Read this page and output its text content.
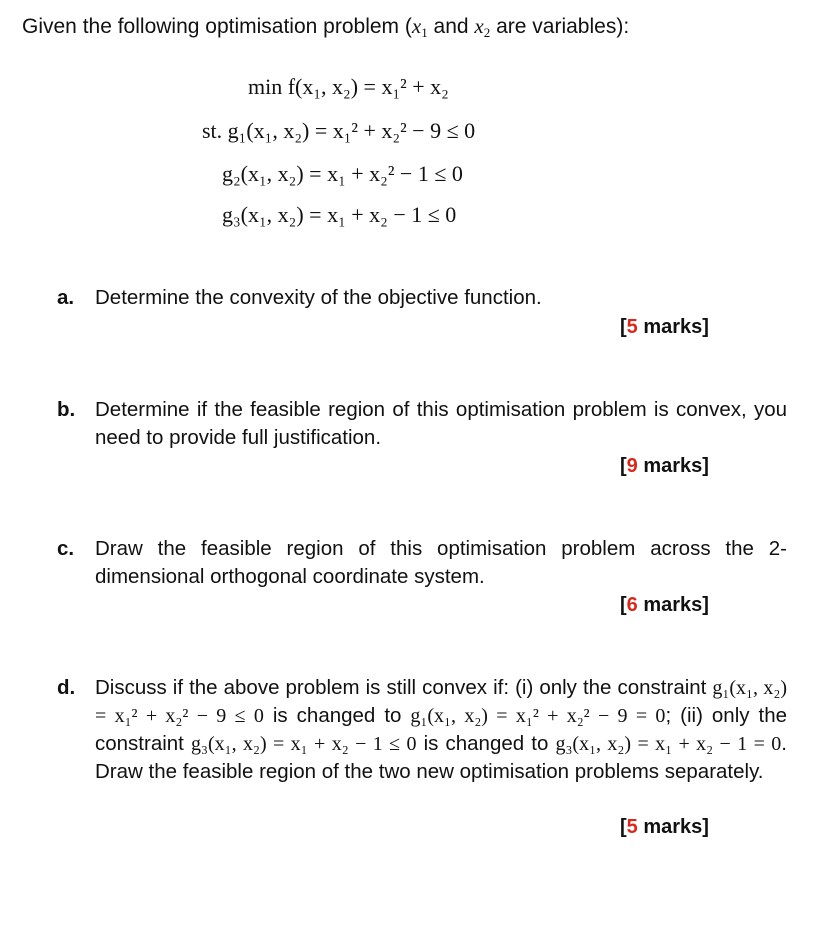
Given the following optimisation problem ($x_1$ and $x_2$ are variables):
min f(x₁, x₂) = x₁² + x₂
st. g₁(x₁, x₂) = x₁² + x₂² − 9 ≤ 0
g₂(x₁, x₂) = x₁ + x₂² − 1 ≤ 0
g₃(x₁, x₂) = x₁ + x₂ − 1 ≤ 0
a. Determine the convexity of the objective function.
[5 marks]
b. Determine if the feasible region of this optimisation problem is convex, you need to provide full justification.
[9 marks]
c. Draw the feasible region of this optimisation problem across the 2-dimensional orthogonal coordinate system.
[6 marks]
d. Discuss if the above problem is still convex if: (i) only the constraint g₁(x₁, x₂) = x₁² + x₂² − 9 ≤ 0 is changed to g₁(x₁, x₂) = x₁² + x₂² − 9 = 0; (ii) only the constraint g₃(x₁, x₂) = x₁ + x₂ − 1 ≤ 0 is changed to g₃(x₁, x₂) = x₁ + x₂ − 1 = 0. Draw the feasible region of the two new optimisation problems separately.
[5 marks]
